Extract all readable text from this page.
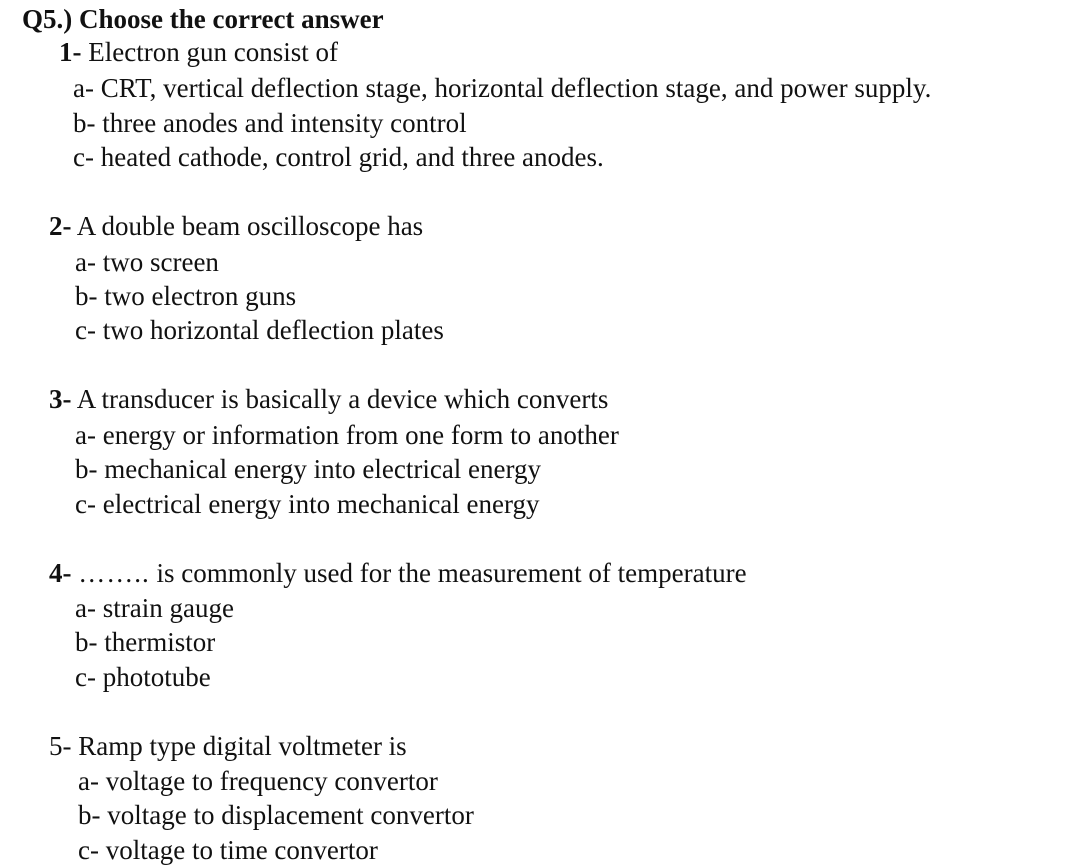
Q5.) Choose the correct answer
1- Electron gun consist of
a- CRT, vertical deflection stage, horizontal deflection stage, and power supply.
b- three anodes and intensity control
c- heated cathode, control grid, and three anodes.
2- A double beam oscilloscope has
a- two screen
b- two electron guns
c- two horizontal deflection plates
3- A transducer is basically a device which converts
a- energy or information from one form to another
b- mechanical energy into electrical energy
c- electrical energy into mechanical energy
4- …….. is commonly used for the measurement of temperature
a- strain gauge
b- thermistor
c- phototube
5- Ramp type digital voltmeter is
a- voltage to frequency convertor
b- voltage to displacement convertor
c- voltage to time convertor
